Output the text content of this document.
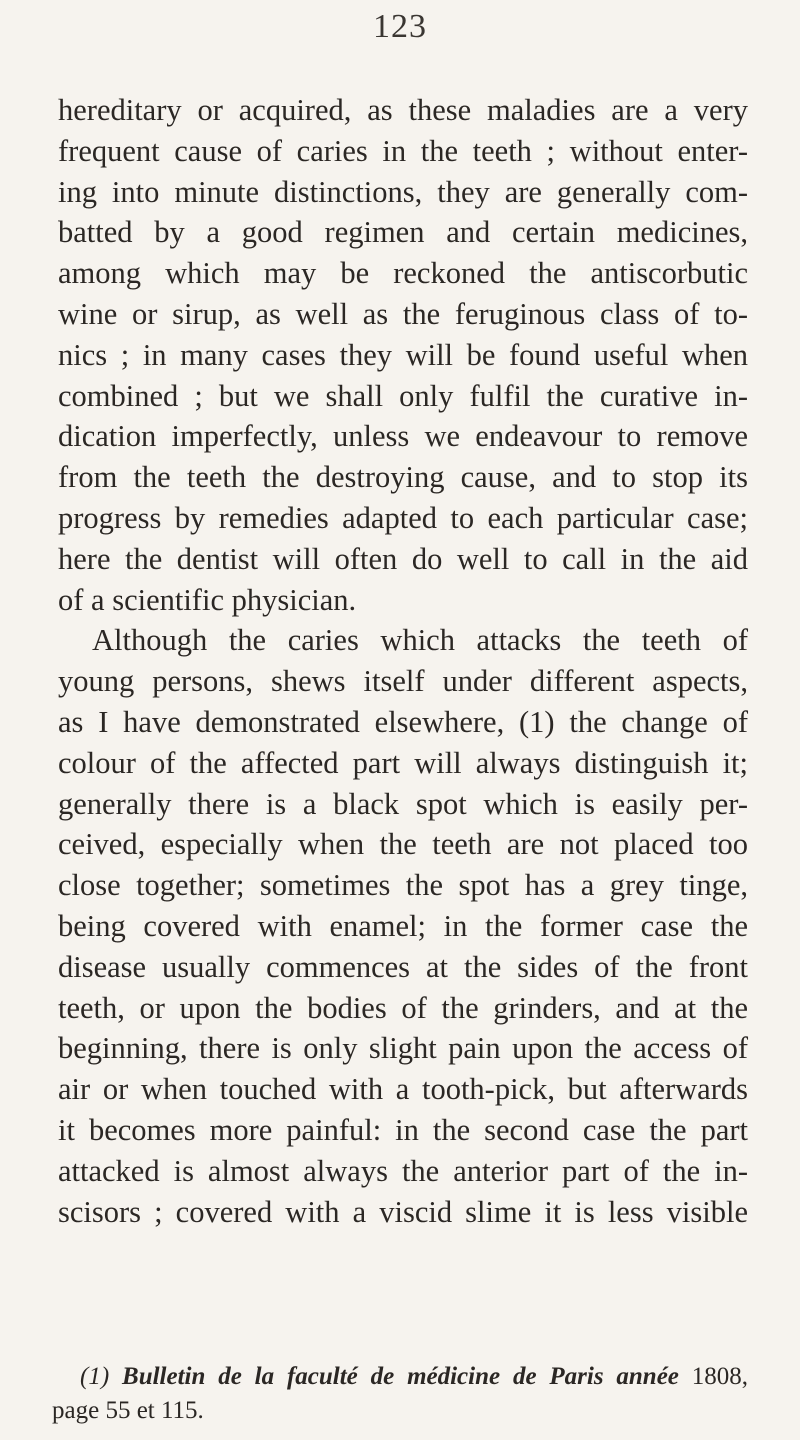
123
hereditary or acquired, as these maladies are a very
frequent cause of caries in the teeth ; without enter-
ing into minute distinctions, they are generally com-
batted by a good regimen and certain medicines,
among which may be reckoned the antiscorbutic
wine or sirup, as well as the feruginous class of to-
nics ; in many cases they will be found useful when
combined ; but we shall only fulfil the curative in-
dication imperfectly, unless we endeavour to remove
from the teeth the destroying cause, and to stop its
progress by remedies adapted to each particular case;
here the dentist will often do well to call in the aid
of a scientific physician.
Although the caries which attacks the teeth of
young persons, shews itself under different aspects,
as I have demonstrated elsewhere, (1) the change of
colour of the affected part will always distinguish it;
generally there is a black spot which is easily per-
ceived, especially when the teeth are not placed too
close together; sometimes the spot has a grey tinge,
being covered with enamel; in the former case the
disease usually commences at the sides of the front
teeth, or upon the bodies of the grinders, and at the
beginning, there is only slight pain upon the access of
air or when touched with a tooth-pick, but afterwards
it becomes more painful: in the second case the part
attacked is almost always the anterior part of the in-
scisors ; covered with a viscid slime it is less visible
(1) Bulletin de la faculté de médicine de Paris année 1808,
page 55 et 115.
